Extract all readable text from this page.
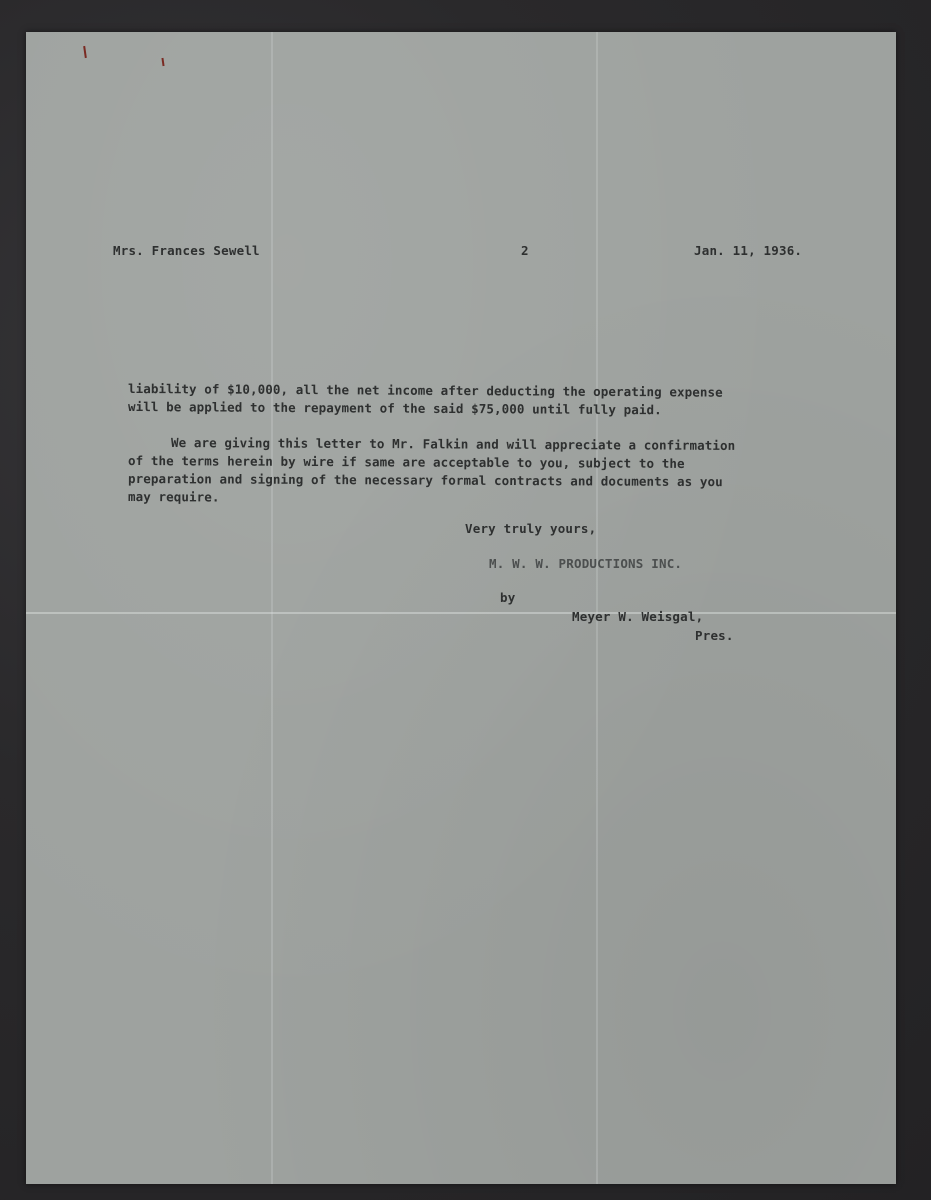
Mrs. Frances Sewell	2	Jan. 11, 1936.
liability of $10,000, all the net income after deducting the operating expense
will be applied to the repayment of the said $75,000 until fully paid.
We are giving this letter to Mr. Falkin and will appreciate a confirmation
of the terms herein by wire if same are acceptable to you, subject to the
preparation and signing of the necessary formal contracts and documents as you
may require.
Very truly yours,
M. W. W. PRODUCTIONS INC.
by
Meyer W. Weisgal,
Pres.
